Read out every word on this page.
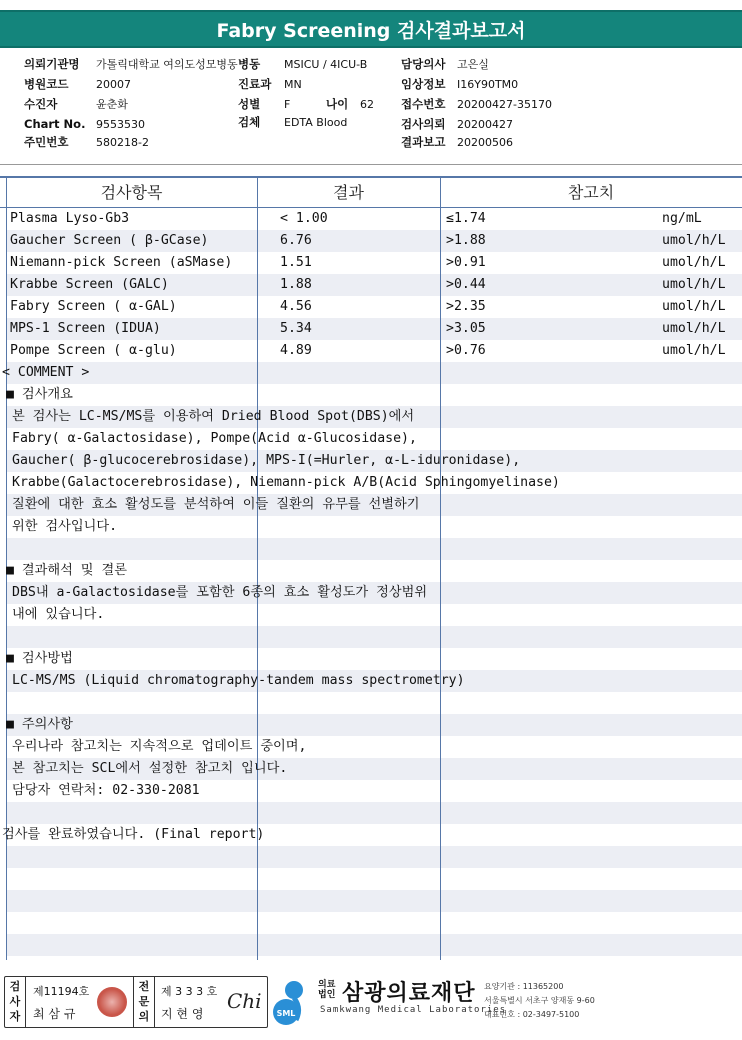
Fabry Screening 검사결과보고서
의뢰기관명 가톨릭대학교 여의도성모병동
병원코드	20007
수진자	윤춘화
Chart No. 9553530
주민번호	580218-2
병동 MSICU / 4ICU-B
진료과 MN
성별 F	나이 62
검체 EDTA Blood
담당의사 고은실
임상정보 I16Y90TM0
접수번호 20200427-35170
검사의뢰 20200427
결과보고 20200506
검사항목	결과	참고치
Plasma Lyso-Gb3	< 1.00	≤1.74	ng/mL
Gaucher Screen ( β-GCase)	6.76	>1.88	umol/h/L
Niemann-pick Screen (aSMase)	1.51	>0.91	umol/h/L
Krabbe Screen (GALC)	1.88	>0.44	umol/h/L
Fabry Screen ( α-GAL)	4.56	>2.35	umol/h/L
MPS-1 Screen (IDUA)	5.34	>3.05	umol/h/L
Pompe Screen ( α-glu)	4.89	>0.76	umol/h/L
< COMMENT >
■ 검사개요
본 검사는 LC-MS/MS를 이용하여 Dried Blood Spot(DBS)에서
Fabry( α-Galactosidase), Pompe(Acid α-Glucosidase),
Gaucher( β-glucocerebrosidase), MPS-I(=Hurler, α-L-iduronidase),
Krabbe(Galactocerebrosidase), Niemann-pick A/B(Acid Sphingomyelinase)
질환에 대한 효소 활성도를 분석하여 이들 질환의 유무를 선별하기
위한 검사입니다.
■ 결과해석 및 결론
DBS내 a-Galactosidase를 포함한 6종의 효소 활성도가 정상범위
내에 있습니다.
■ 검사방법
LC-MS/MS (Liquid chromatography-tandem mass spectrometry)
■ 주의사항
우리나라 참고치는 지속적으로 업데이트 중이며,
본 참고치는 SCL에서 설정한 참고치 입니다.
담당자 연락처: 02-330-2081
검사를 완료하였습니다. (Final report)
검사자
제11194호
최 삼 규
전문의
제 3 3 3 호
지 현 영
Chi
SML
의료
법인 삼광의료재단
Samkwang Medical Laboratories
요양기관 : 11365200
서울특별시 서초구 양재동 9-60
대표번호 : 02-3497-5100
